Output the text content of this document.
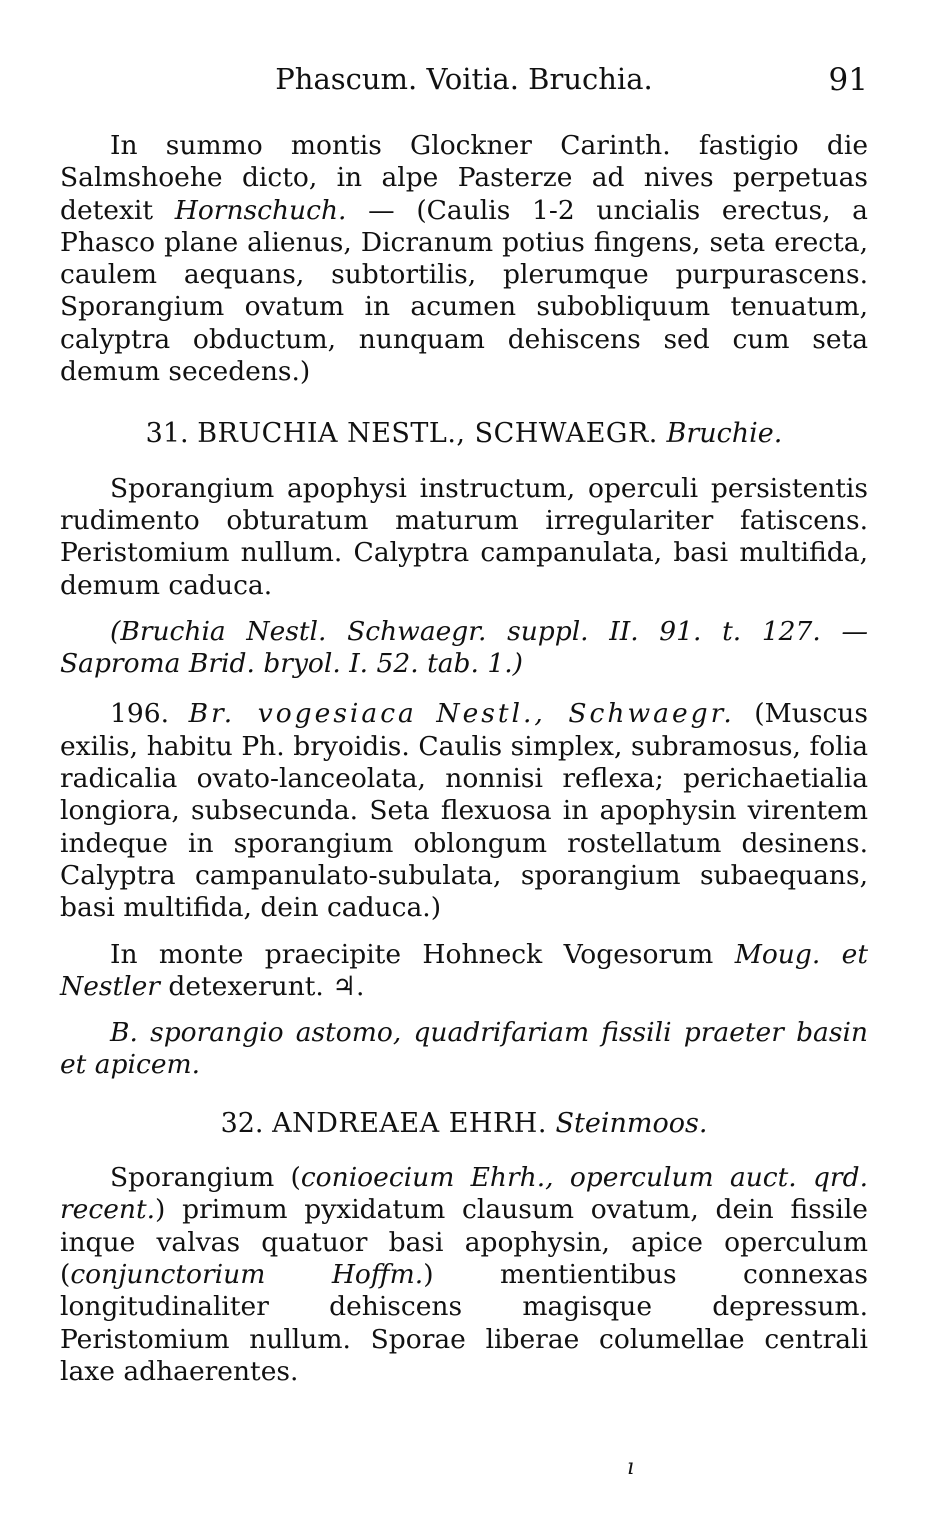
Phascum. Voitia. Bruchia.	91

In summo montis Glockner Carinth. fastigio die Salmshoehe dicto, in alpe Pasterze ad nives perpetuas detexit Hornschuch. — (Caulis 1-2 uncialis erectus, a Phasco plane alienus, Dicranum potius fingens, seta erecta, caulem aequans, subtortilis, plerumque purpurascens. Sporangium ovatum in acumen subobliquum tenuatum, calyptra obductum, nunquam dehiscens sed cum seta demum secedens.)

31. BRUCHIA NESTL., SCHWAEGR. Bruchie.

Sporangium apophysi instructum, operculi persistentis rudimento obturatum maturum irregulariter fatiscens. Peristomium nullum. Calyptra campanulata, basi multifida, demum caduca.

(Bruchia Nestl. Schwaegr. suppl. II. 91. t. 127. — Saproma Brid. bryol. I. 52. tab. 1.)

196. Br. vogesiaca Nestl., Schwaegr. (Muscus exilis, habitu Ph. bryoidis. Caulis simplex, subramosus, folia radicalia ovato-lanceolata, nonnisi reflexa; perichaetialia longiora, subsecunda. Seta flexuosa in apophysin virentem indeque in sporangium oblongum rostellatum desinens. Calyptra campanulato-subulata, sporangium subaequans, basi multifida, dein caduca.)

In monte praecipite Hohneck Vogesorum Moug. et Nestler detexerunt. ♃.

B. sporangio astomo, quadrifariam fissili praeter basin et apicem.

32. ANDREAEA EHRH. Steinmoos.

Sporangium (conioecium Ehrh., operculum auct. qrd. recent.) primum pyxidatum clausum ovatum, dein fissile inque valvas quatuor basi apophysin, apice operculum (conjunctorium Hoffm.) mentientibus connexas longitudinaliter dehiscens magisque depressum. Peristomium nullum. Sporae liberae columellae centrali laxe adhaerentes.

ı
